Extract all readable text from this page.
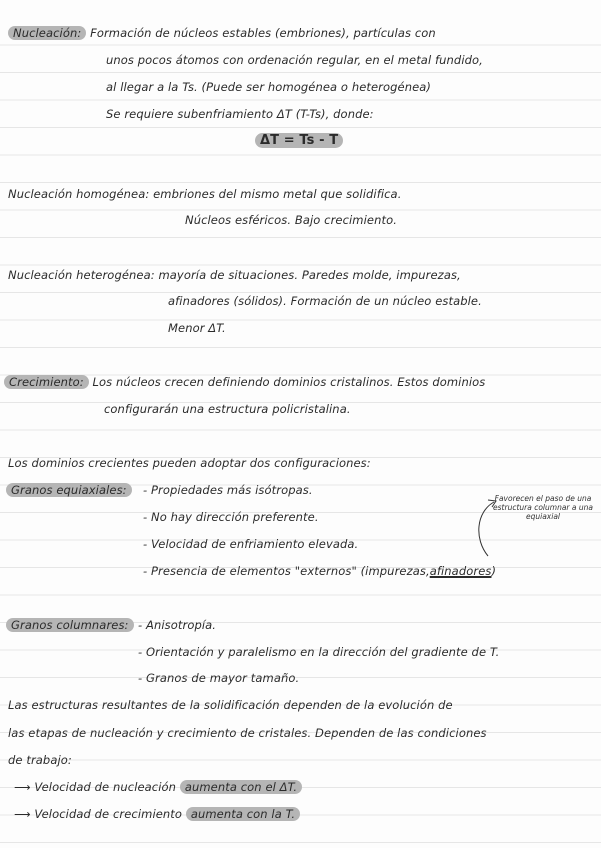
Nucleación: Formación de núcleos estables (embriones), partículas con
unos pocos átomos con ordenación regular, en el metal fundido,
al llegar a la Ts. (Puede ser homogénea o heterogénea)
Se requiere subenfriamiento ΔT (T-Ts), donde:
ΔT = Ts - T
Nucleación homogénea: embriones del mismo metal que solidifica.
Núcleos esféricos. Bajo crecimiento.
Nucleación heterogénea: mayoría de situaciones. Paredes molde, impurezas,
afinadores (sólidos). Formación de un núcleo estable.
Menor ΔT.
Crecimiento: Los núcleos crecen definiendo dominios cristalinos. Estos dominios
configurarán una estructura policristalina.
Los dominios crecientes pueden adoptar dos configuraciones:
Granos equiaxiales:	- Propiedades más isótropas.
- No hay dirección preferente.
- Velocidad de enfriamiento elevada.
- Presencia de elementos "externos" (impurezas,afinadores)
Favorecen el paso de una estructura columnar a una equiaxial
Granos columnares: - Anisotropía.
- Orientación y paralelismo en la dirección del gradiente de T.
- Granos de mayor tamaño.
Las estructuras resultantes de la solidificación dependen de la evolución de
las etapas de nucleación y crecimiento de cristales. Dependen de las condiciones
de trabajo:
⟶ Velocidad de nucleación aumenta con el ΔT.
⟶ Velocidad de crecimiento aumenta con la T.
